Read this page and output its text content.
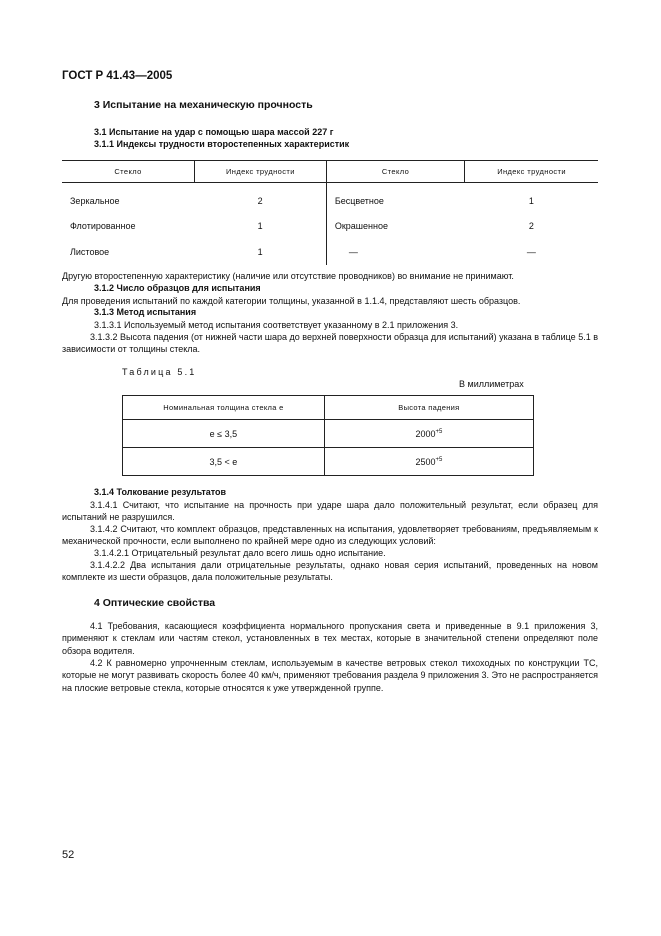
ГОСТ Р 41.43—2005
3 Испытание на механическую прочность
3.1 Испытание на удар с помощью шара массой 227 г
3.1.1 Индексы трудности второстепенных характеристик
Стекло	Индекс трудности	Стекло	Индекс трудности
Зеркальное	2	Бесцветное	1
Флотированное	1	Окрашенное	2
Листовое	1	—	—
Другую второстепенную характеристику (наличие или отсутствие проводников) во внимание не принимают.
3.1.2 Число образцов для испытания
Для проведения испытаний по каждой категории толщины, указанной в 1.1.4, представляют шесть образцов.
3.1.3 Метод испытания
3.1.3.1 Используемый метод испытания соответствует указанному в 2.1 приложения 3.
3.1.3.2 Высота падения (от нижней части шара до верхней поверхности образца для испытаний) указана в таблице 5.1 в зависимости от толщины стекла.
Таблица 5.1
В миллиметрах
Номинальная толщина стекла e	Высота падения
e ≤ 3,5	$2000^{+5}$
3,5 < e	$2500^{+5}$
3.1.4 Толкование результатов
3.1.4.1 Считают, что испытание на прочность при ударе шара дало положительный результат, если образец для испытаний не разрушился.
3.1.4.2 Считают, что комплект образцов, представленных на испытания, удовлетворяет требованиям, предъявляемым к механической прочности, если выполнено по крайней мере одно из следующих условий:
3.1.4.2.1 Отрицательный результат дало всего лишь одно испытание.
3.1.4.2.2 Два испытания дали отрицательные результаты, однако новая серия испытаний, проведенных на новом комплекте из шести образцов, дала положительные результаты.
4 Оптические свойства
4.1 Требования, касающиеся коэффициента нормального пропускания света и приведенные в 9.1 приложения 3, применяют к стеклам или частям стекол, установленных в тех местах, которые в значительной степени определяют поле обзора водителя.
4.2 К равномерно упрочненным стеклам, используемым в качестве ветровых стекол тихоходных по конструкции ТС, которые не могут развивать скорость более 40 км/ч, применяют требования раздела 9 приложения 3. Это не распространяется на плоские ветровые стекла, которые относятся к уже утвержденной группе.
52
